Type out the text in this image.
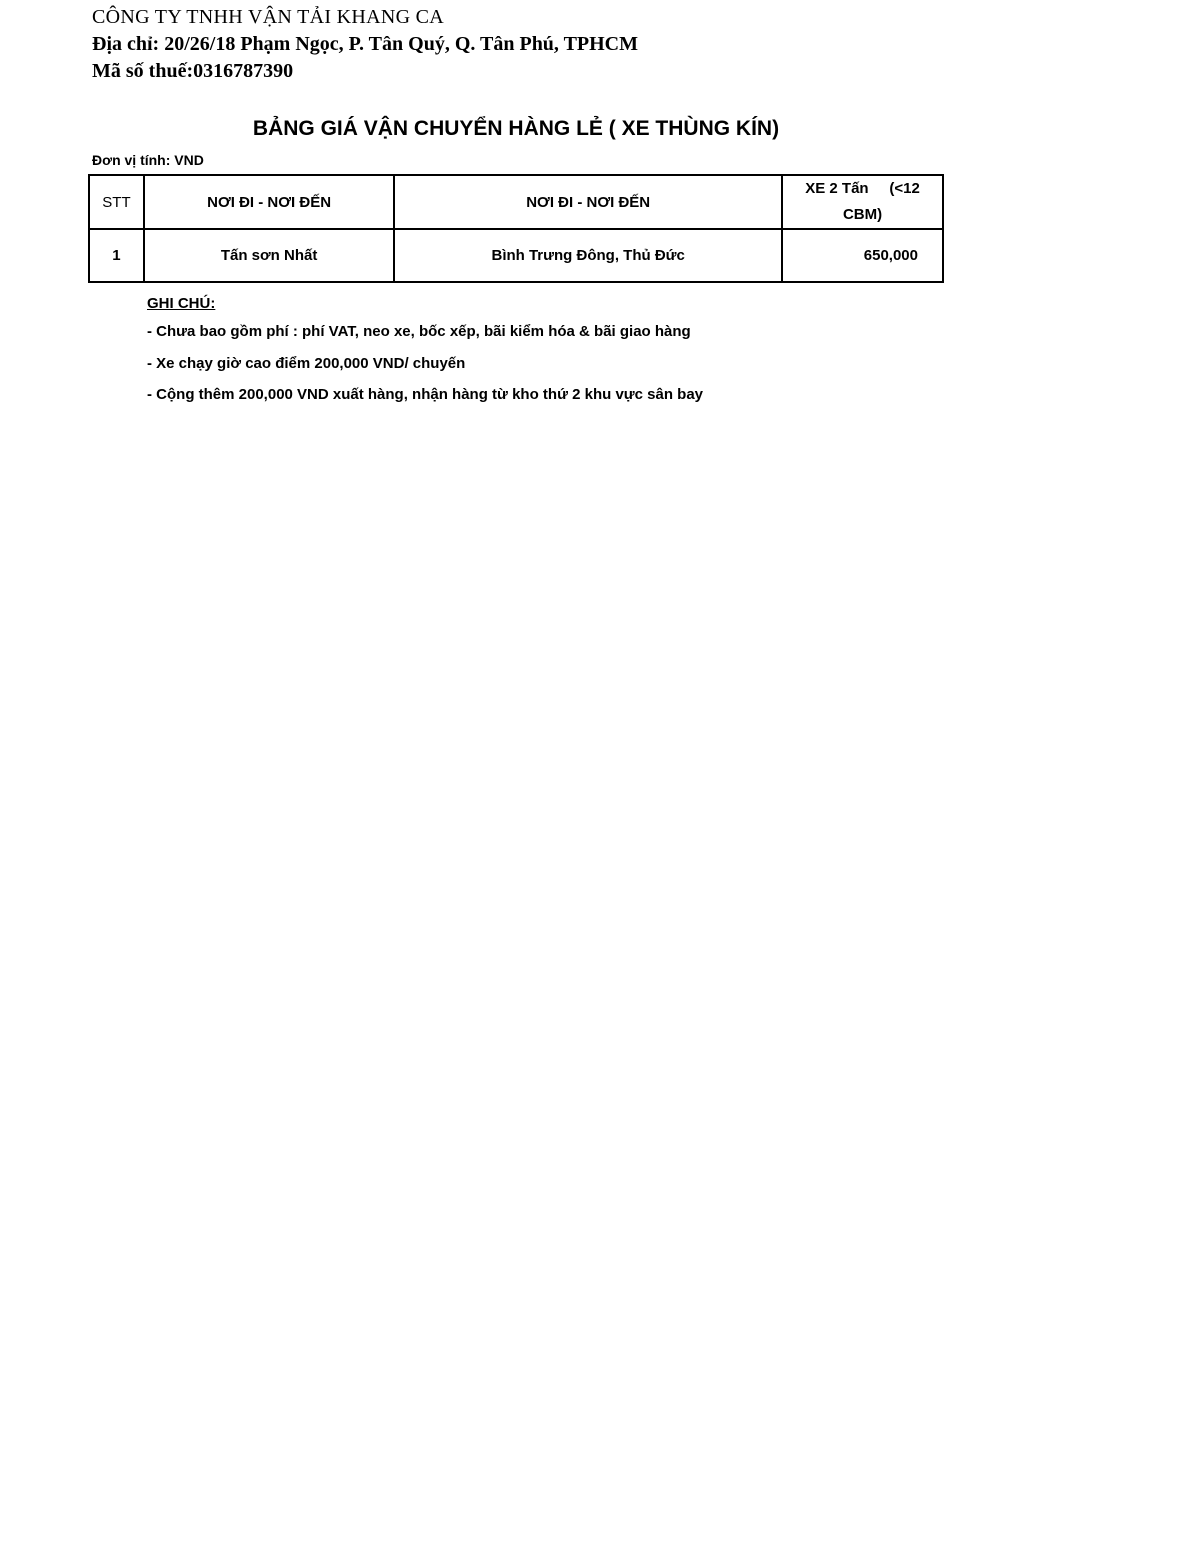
CÔNG TY TNHH VẬN TẢI KHANG CA
Địa chỉ: 20/26/18 Phạm Ngọc, P. Tân Quý, Q. Tân Phú, TPHCM
Mã số thuế:0316787390
BẢNG GIÁ VẬN CHUYỂN HÀNG LẺ ( XE THÙNG KÍN)
Đơn vị tính: VND
STT	NƠI ĐI - NƠI ĐẾN	NƠI ĐI - NƠI ĐẾN	XE 2 Tấn     (<12
CBM)

1	Tấn sơn Nhất	Bình Trưng Đông, Thủ Đức	650,000
GHI CHÚ:
- Chưa bao gồm phí : phí VAT, neo xe, bốc xếp, bãi kiểm hóa & bãi giao hàng
- Xe chạy giờ cao điểm 200,000 VND/ chuyến
- Cộng thêm 200,000 VND xuất hàng, nhận hàng từ kho thứ 2 khu vực sân bay
